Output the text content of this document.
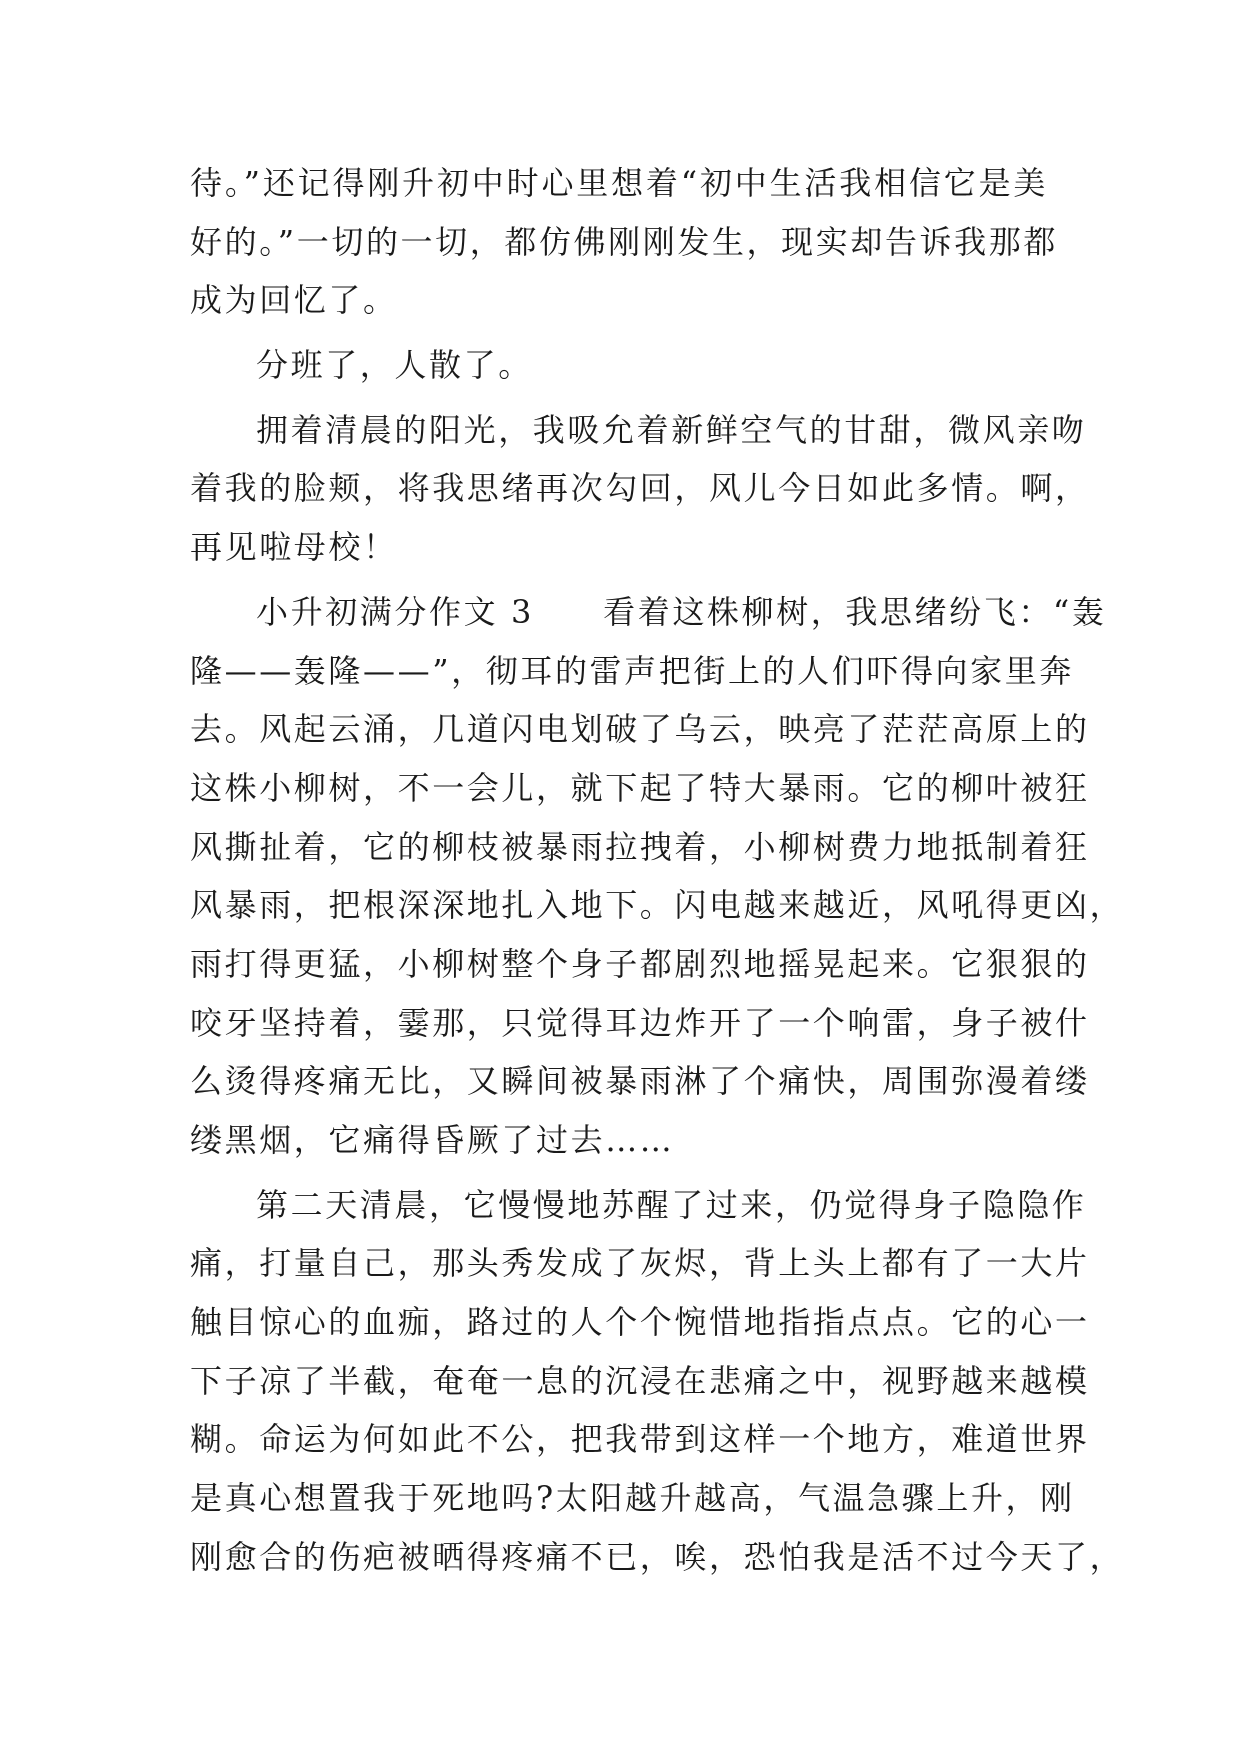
待。”还记得刚升初中时心里想着“初中生活我相信它是美
好的。”一切的一切，都仿佛刚刚发生，现实却告诉我那都
成为回忆了。
分班了，人散了。
拥着清晨的阳光，我吸允着新鲜空气的甘甜，微风亲吻
着我的脸颊，将我思绪再次勾回，风儿今日如此多情。啊，
再见啦母校！
小升初满分作文 3　　看着这株柳树，我思绪纷飞：“轰
隆——轰隆——”，彻耳的雷声把街上的人们吓得向家里奔
去。风起云涌，几道闪电划破了乌云，映亮了茫茫高原上的
这株小柳树，不一会儿，就下起了特大暴雨。它的柳叶被狂
风撕扯着，它的柳枝被暴雨拉拽着，小柳树费力地抵制着狂
风暴雨，把根深深地扎入地下。闪电越来越近，风吼得更凶，
雨打得更猛，小柳树整个身子都剧烈地摇晃起来。它狠狠的
咬牙坚持着，霎那，只觉得耳边炸开了一个响雷，身子被什
么烫得疼痛无比，又瞬间被暴雨淋了个痛快，周围弥漫着缕
缕黑烟，它痛得昏厥了过去……
第二天清晨，它慢慢地苏醒了过来，仍觉得身子隐隐作
痛，打量自己，那头秀发成了灰烬，背上头上都有了一大片
触目惊心的血痂，路过的人个个惋惜地指指点点。它的心一
下子凉了半截，奄奄一息的沉浸在悲痛之中，视野越来越模
糊。命运为何如此不公，把我带到这样一个地方，难道世界
是真心想置我于死地吗?太阳越升越高，气温急骤上升，刚
刚愈合的伤疤被晒得疼痛不已，唉，恐怕我是活不过今天了，
